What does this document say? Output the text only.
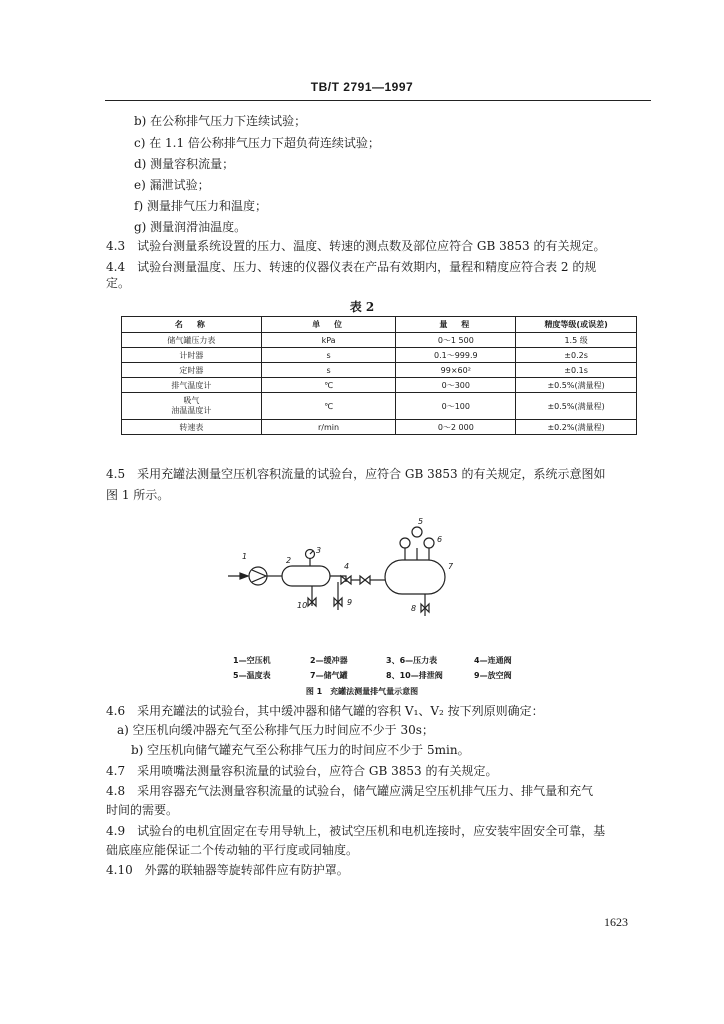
TB/T 2791—1997
b) 在公称排气压力下连续试验；
c) 在 1.1 倍公称排气压力下超负荷连续试验；
d) 测量容积流量；
e) 漏泄试验；
f) 测量排气压力和温度；
g) 测量润滑油温度。
4.3　试验台测量系统设置的压力、温度、转速的测点数及部位应符合 GB 3853 的有关规定。
4.4　试验台测量温度、压力、转速的仪器仪表在产品有效期内，量程和精度应符合表 2 的规
定。
表 2
名　称	单　位	量　程	精度等级(或误差)
储气罐压力表	kPa	0～1 500	1.5 级
计时器	s	0.1～999.9	±0.2s
定时器	s	99×60²	±0.1s
排气温度计	℃	0～300	±0.5%(满量程)
吸气
油温温度计	℃	0～100	±0.5%(满量程)
转速表	r/min	0～2 000	±0.2%(满量程)
4.5　采用充罐法测量空压机容积流量的试验台，应符合 GB 3853 的有关规定，系统示意图如
图 1 所示。
1	2
3
4
5
6
7
8
9
10
1—空压机	2—缓冲器	3、6—压力表	4—连通阀
5—温度表	7—储气罐	8、10—排泄阀	9—放空阀
图 1　充罐法测量排气量示意图
4.6　采用充罐法的试验台，其中缓冲器和储气罐的容积 V₁、V₂ 按下列原则确定：
a) 空压机向缓冲器充气至公称排气压力时间应不少于 30s；
b) 空压机向储气罐充气至公称排气压力的时间应不少于 5min。
4.7　采用喷嘴法测量容积流量的试验台，应符合 GB 3853 的有关规定。
4.8　采用容器充气法测量容积流量的试验台，储气罐应满足空压机排气压力、排气量和充气
时间的需要。
4.9　试验台的电机宜固定在专用导轨上，被试空压机和电机连接时，应安装牢固安全可靠，基
础底座应能保证二个传动轴的平行度或同轴度。
4.10　外露的联轴器等旋转部件应有防护罩。
1623
